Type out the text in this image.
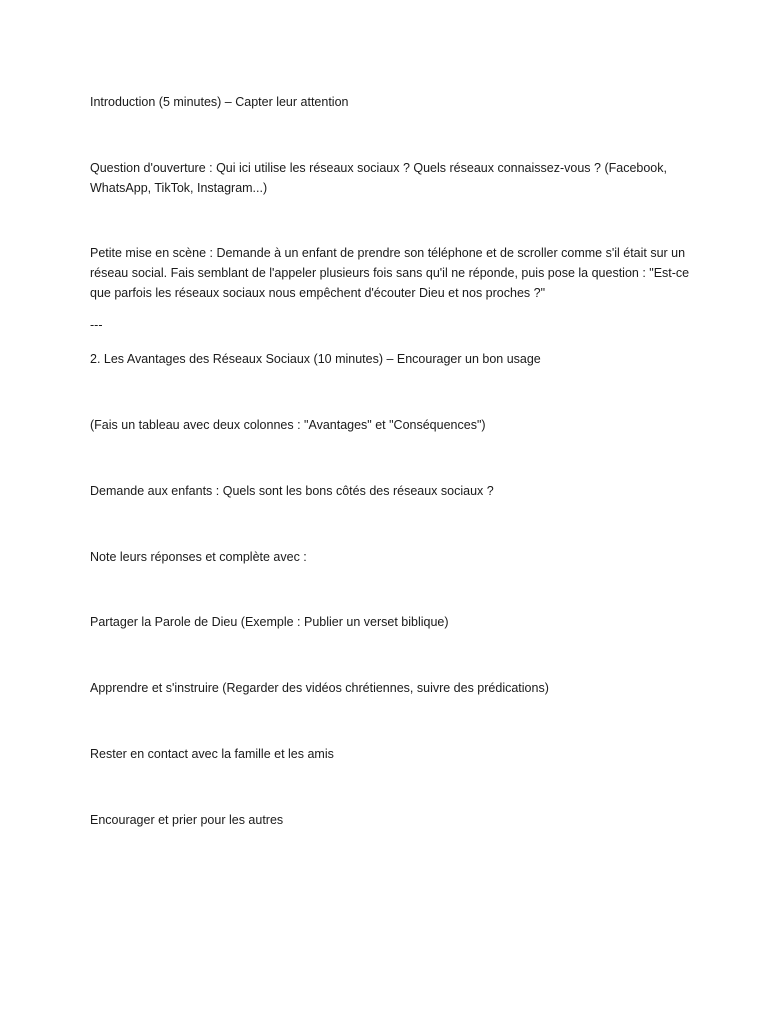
Introduction (5 minutes) – Capter leur attention

Question d'ouverture : Qui ici utilise les réseaux sociaux ? Quels réseaux connaissez-vous ? (Facebook, WhatsApp, TikTok, Instagram...)

Petite mise en scène : Demande à un enfant de prendre son téléphone et de scroller comme s'il était sur un réseau social. Fais semblant de l'appeler plusieurs fois sans qu'il ne réponde, puis pose la question : "Est-ce que parfois les réseaux sociaux nous empêchent d'écouter Dieu et nos proches ?"

---

2. Les Avantages des Réseaux Sociaux (10 minutes) – Encourager un bon usage

(Fais un tableau avec deux colonnes : "Avantages" et "Conséquences")

Demande aux enfants : Quels sont les bons côtés des réseaux sociaux ?

Note leurs réponses et complète avec :

Partager la Parole de Dieu (Exemple : Publier un verset biblique)

Apprendre et s'instruire (Regarder des vidéos chrétiennes, suivre des prédications)

Rester en contact avec la famille et les amis

Encourager et prier pour les autres
